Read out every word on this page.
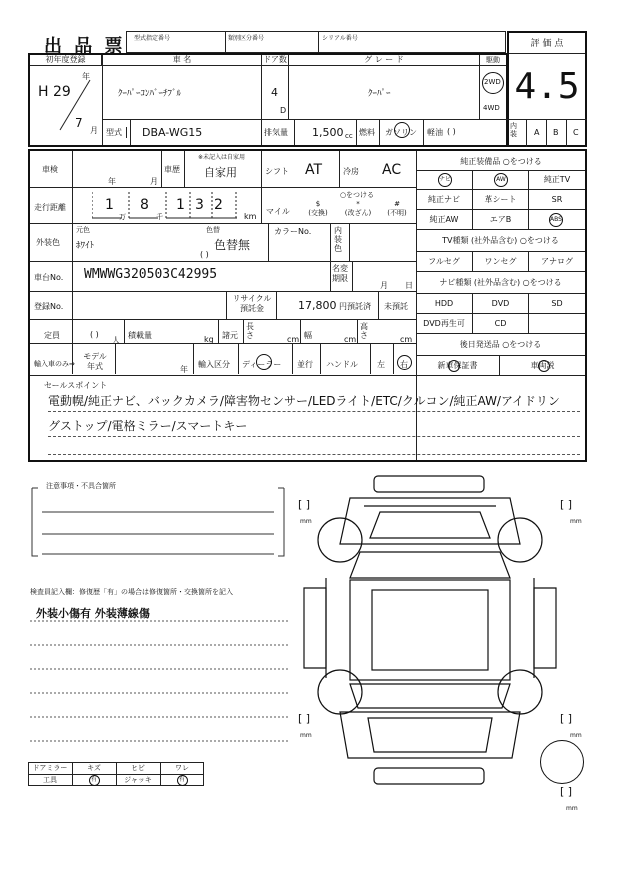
出 品 票 型式指定番号	類別区分番号	シリアル番号
評 価 点
4.5
初年度登録
H 29
年
7
月
車 名
ｸｰﾊﾟｰｺﾝﾊﾞｰﾁﾌﾞﾙ
ドア数
4
D
グ レ ー ド
ｸｰﾊﾟｰ
駆動
2WD
4WD
型式	DBA-WG15	排気量 1,500 cc 燃料 ガソリン 軽油 ( )
内装	A B C
車検
年	月
車歴
※未記入は自家用
自家用	シフト AT	冷房 AC
純正装備品 ○をつける
ナビ	AW	純正TV
純正ナビ	革シート	SR
純正AW	エアB	ABS
TV種類 (社外品含む) ○をつける
フルセグ	ワンセグ	アナログ
ナビ種類 (社外品含む) ○をつける
HDD	DVD	SD
DVD再生可	CD
後日発送品 ○をつける
新車保証書	車両説
走行距離	1
万
8
千
1 3 2
km
マイル
○をつける
$
(交換)
*
(改ざん)
#
(不明)
外装色
元色
ﾎﾜｲﾄ
色替
色替無
( )
カラーNo.	内装色
車台No. WMWWG320503C42995	名変期限
月 日
登録No.
リサイクル預託金	17,800 円預託済 未預託
定員	( )
人
積載量	kg 諸元
長さ	cm 幅	cm
高さ	cm
輸入車のみ⇒
モデル年式	年
輸入区分 ディーラー 並行 ハンドル 左 右
セールスポイント
電動幌/純正ナビ、バックカメラ/障害物センサー/LEDライト/ETC/クルコン/純正AW/アイドリン
グストップ/電格ミラー/スマートキー
注意事項・不具合箇所
検査員記入欄：修復歴「有」の場合は修復箇所・交換箇所を記入
外装小傷有 外装薄線傷
ドアミラー	キズ	ヒビ	ワレ
工具	有	ジャッキ	有
[ ]
mm
[ ]
mm
[ ]
mm
[ ]
mm
[ ]
mm
